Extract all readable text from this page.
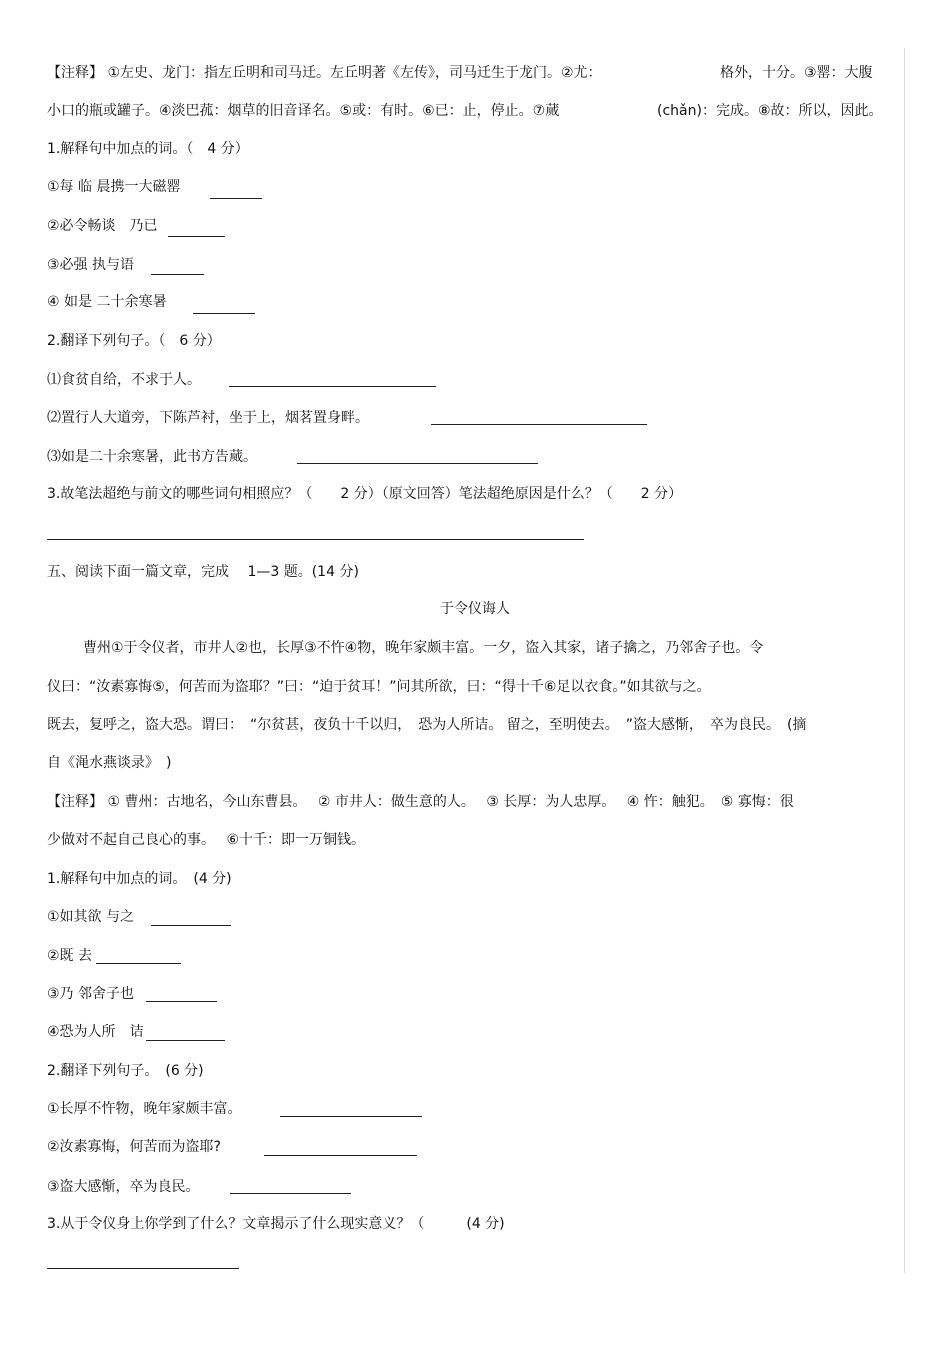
【注释】 ①左史、龙门：指左丘明和司马迁。左丘明著《左传》，司马迁生于龙门。②尤：	格外，十分。③罂：大腹
小口的瓶或罐子。④淡巴菰：烟草的旧音译名。⑤或：有时。⑥已：止，停止。⑦蒇	(chǎn)：完成。⑧故：所以，因此。
1.解释句中加点的词。（　4 分）
①每 临 晨携一大磁罂
②必令畅谈　乃已
③必强 执与语
④ 如是 二十余寒暑
2.翻译下列句子。（　6 分）
⑴食贫自给，不求于人。
⑵置行人大道旁，下陈芦衬，坐于上，烟茗置身畔。
⑶如是二十余寒暑，此书方告蒇。
3.故笔法超绝与前文的哪些词句相照应？（　　2 分）（原文回答）笔法超绝原因是什么？（　　2 分）
五、阅读下面一篇文章，完成　 1—3 题。(14 分)
于令仪诲人
曹州①于令仪者，市井人②也，长厚③不忤④物，晚年家颇丰富。一夕，盗入其家，诸子擒之，乃邻舍子也。令
仪曰：“汝素寡悔⑤，何苦而为盗耶？”曰：“迫于贫耳！”问其所欲，曰：“得十千⑥足以衣食。”如其欲与之。
既去，复呼之，盗大恐。谓曰：　“尔贫甚，夜负十千以归，　恐为人所诘。 留之，至明使去。　”盗大感惭，　卒为良民。　(摘
自《渑水燕谈录》　)
【注释】 ① 曹州：古地名，今山东曹县。　 ② 市井人：做生意的人。　 ③ 长厚：为人忠厚。　 ④ 忤：触犯。　⑤ 寡悔：很
少做对不起自己良心的事。　 ⑥十千：即一万铜钱。
1.解释句中加点的词。　(4 分)
①如其欲 与之
②既 去
③乃 邻舍子也
④恐为人所　诘
2.翻译下列句子。　(6 分)
①长厚不忤物，晚年家颇丰富。
②汝素寡悔，何苦而为盗耶?
③盗大感惭，卒为良民。
3.从于令仪身上你学到了什么？文章揭示了什么现实意义？（　　　(4 分)
